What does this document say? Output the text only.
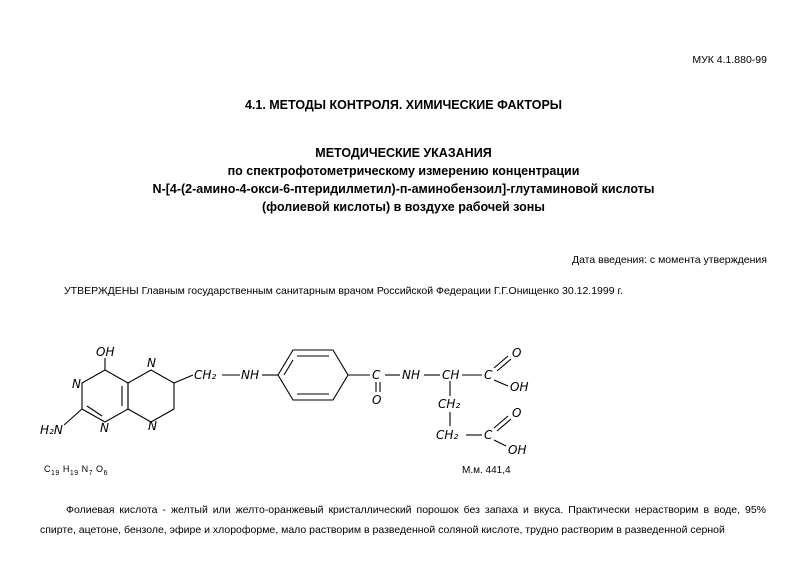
МУК 4.1.880-99
4.1. МЕТОДЫ КОНТРОЛЯ. ХИМИЧЕСКИЕ ФАКТОРЫ
МЕТОДИЧЕСКИЕ УКАЗАНИЯ
по спектрофотометрическому измерению концентрации
N-[4-(2-амино-4-окси-6-птеридилметил)-п-аминобензоил]-глутаминовой кислоты
(фолиевой кислоты) в воздухе рабочей зоны
Дата введения: с момента утверждения
УТВЕРЖДЕНЫ Главным государственным санитарным врачом Российской Федерации Г.Г.Онищенко 30.12.1999 г.
OH
N
N
N
N
H₂N
CH₂ NH	C
O
NH CH C
O
OH
CH₂
CH₂ C
O
OH
$C_{19}$ $H_{19}$ $N_7$ $O_6$	М.м. 441,4
Фолиевая кислота - желтый или желто-оранжевый кристаллический порошок без запаха и вкуса. Практически нерастворим в воде, 95% спирте, ацетоне, бензоле, эфире и хлороформе, мало растворим в разведенной соляной кислоте, трудно растворим в разведенной серной
